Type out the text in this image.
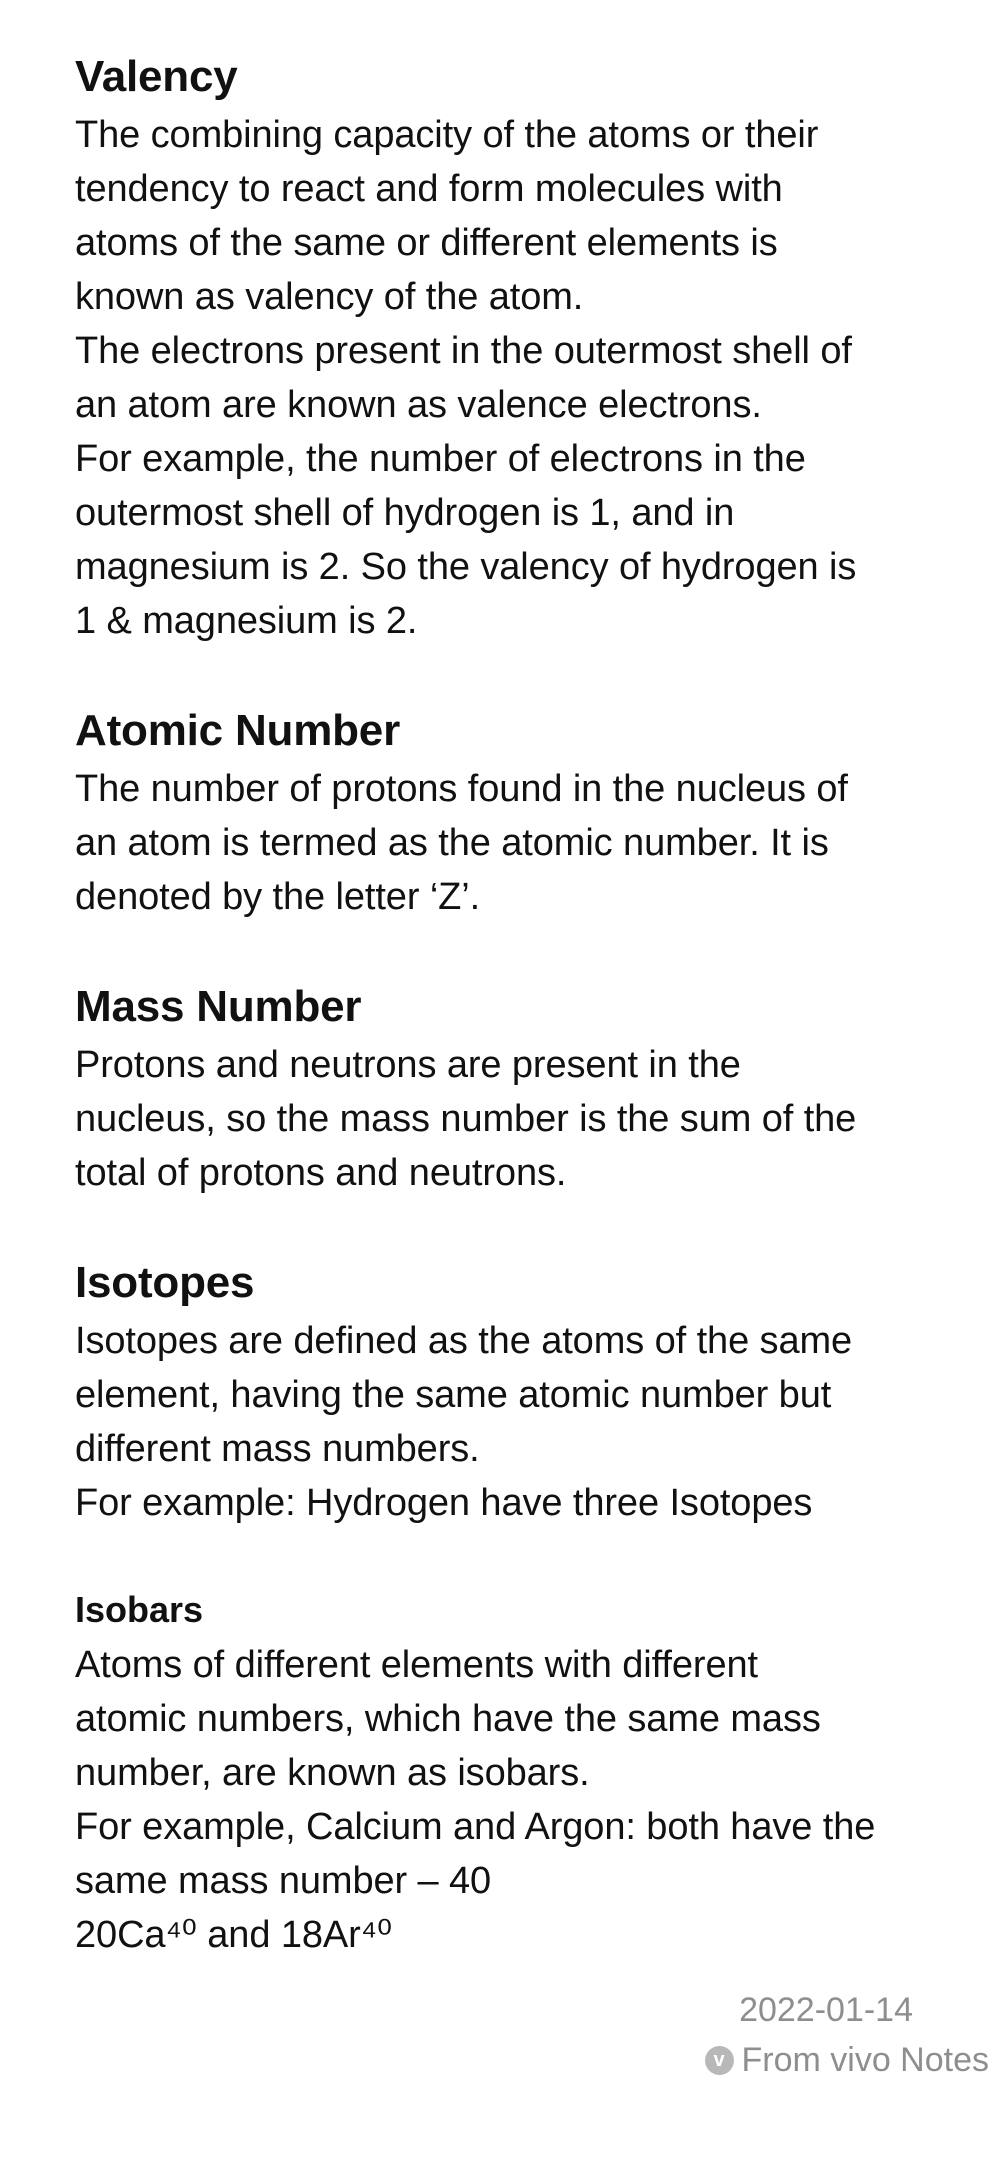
Valency

The combining capacity of the atoms or their
tendency to react and form molecules with
atoms of the same or different elements is
known as valency of the atom.
The electrons present in the outermost shell of
an atom are known as valence electrons.
For example, the number of electrons in the
outermost shell of hydrogen is 1, and in
magnesium is 2. So the valency of hydrogen is
1 & magnesium is 2.

Atomic Number

The number of protons found in the nucleus of
an atom is termed as the atomic number. It is
denoted by the letter ‘Z’.

Mass Number

Protons and neutrons are present in the
nucleus, so the mass number is the sum of the
total of protons and neutrons.

Isotopes

Isotopes are defined as the atoms of the same
element, having the same atomic number but
different mass numbers.
For example: Hydrogen have three Isotopes

Isobars

Atoms of different elements with different
atomic numbers, which have the same mass
number, are known as isobars.
For example, Calcium and Argon: both have the
same mass number – 40
20Ca⁴⁰ and 18Ar⁴⁰

2022-01-14
v From vivo Notes
